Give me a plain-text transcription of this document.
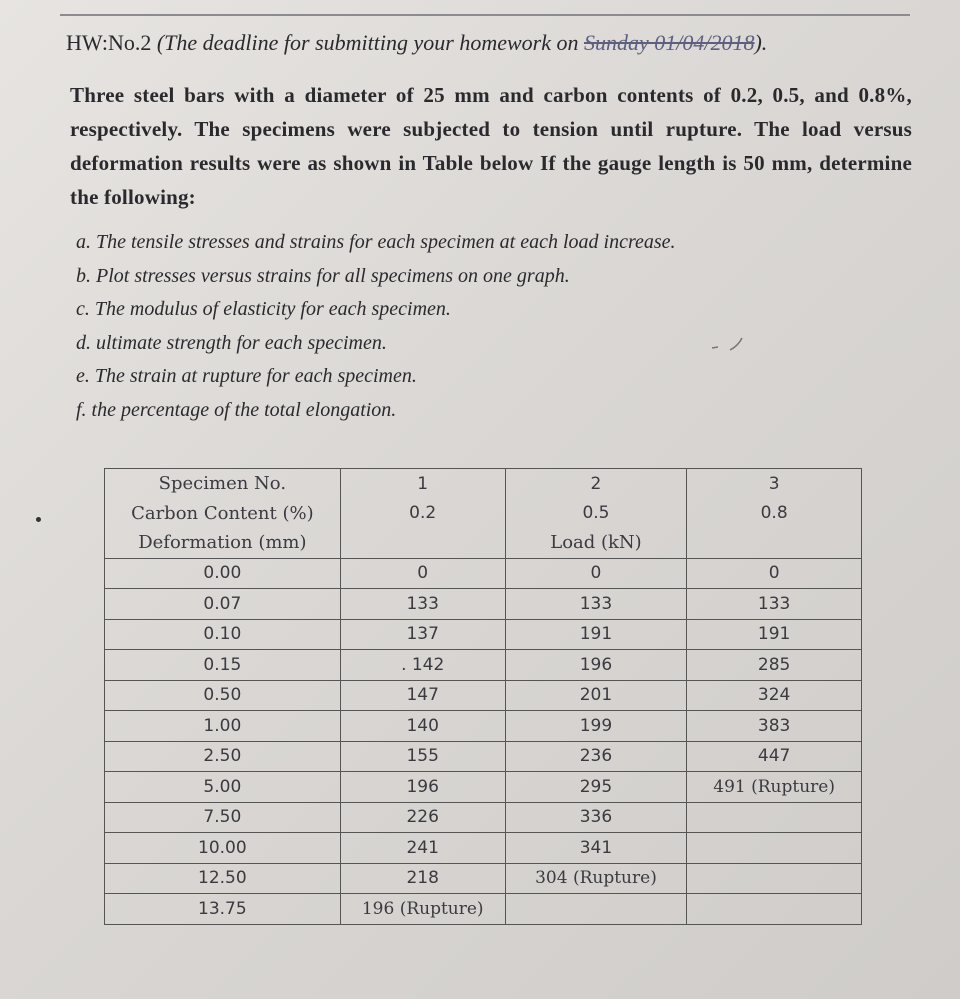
HW:No.2 (The deadline for submitting your homework on Sunday 01/04/2018).
Three steel bars with a diameter of 25 mm and carbon contents of 0.2, 0.5, and 0.8%, respectively. The specimens were subjected to tension until rupture. The load versus deformation results were as shown in Table below If the gauge length is 50 mm, determine the following:
a. The tensile stresses and strains for each specimen at each load increase.
b. Plot stresses versus strains for all specimens on one graph.
c. The modulus of elasticity for each specimen.
d. ultimate strength for each specimen.
e. The strain at rupture for each specimen.
f. the percentage of the total elongation.
Specimen No.	1	2	3
Carbon Content (%)	0.2	0.5	0.8
Deformation (mm)		Load (kN)	
0.00	0	0	0
0.07	133	133	133
0.10	137	191	191
0.15	. 142	196	285
0.50	147	201	324
1.00	140	199	383
2.50	155	236	447
5.00	196	295	491 (Rupture)
7.50	226	336	
10.00	241	341	
12.50	218	304 (Rupture)	
13.75	196 (Rupture)		
